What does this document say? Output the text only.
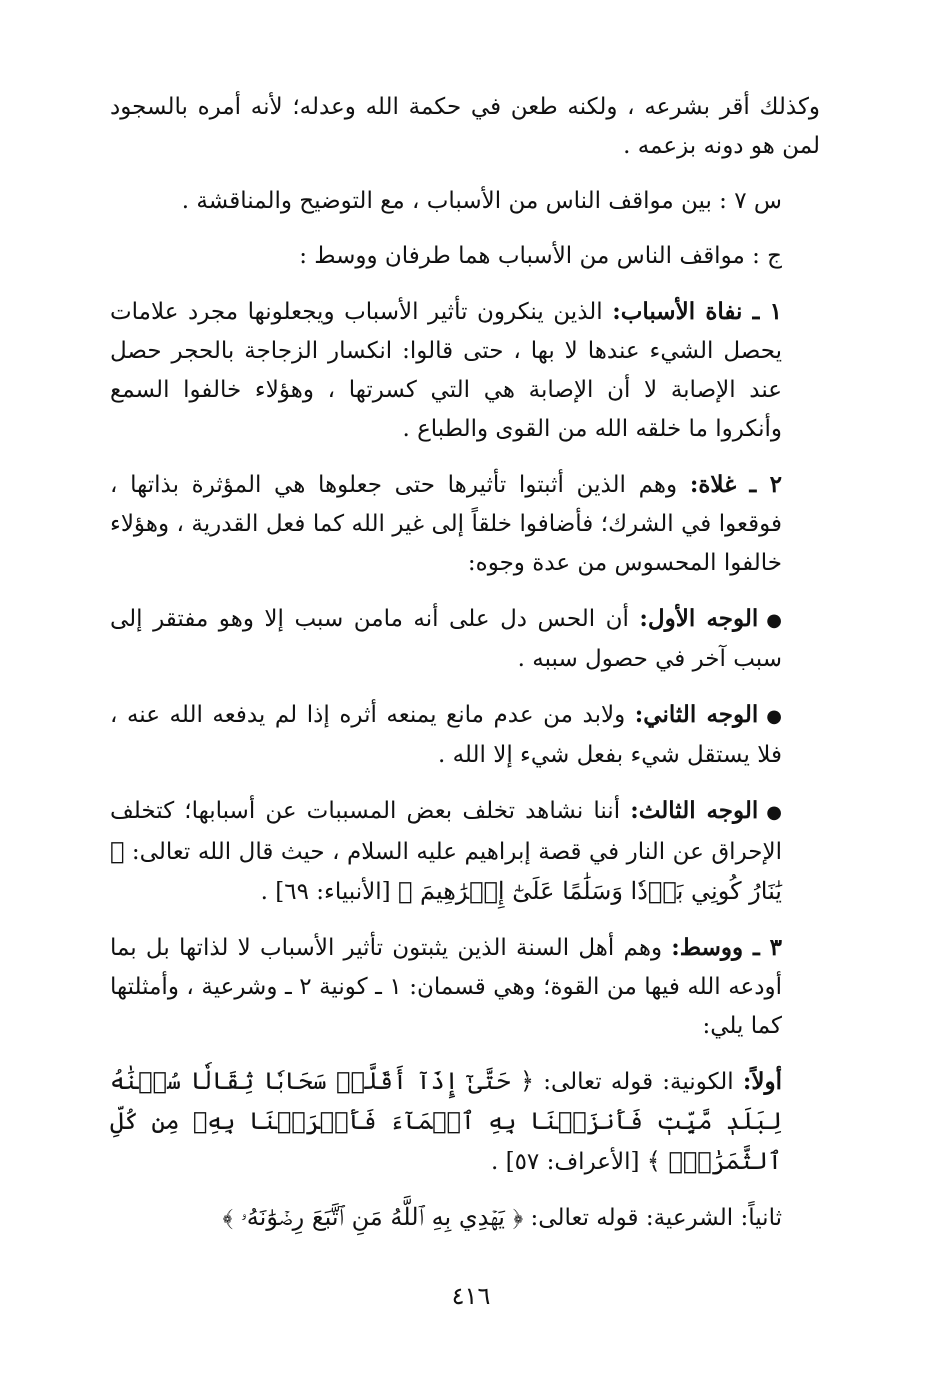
وكذلك أقر بشرعه ، ولكنه طعن في حكمة الله وعدله؛ لأنه أمره بالسجود لمن هو دونه بزعمه .

س ٧ : بين مواقف الناس من الأسباب ، مع التوضيح والمناقشة .

ج : مواقف الناس من الأسباب هما طرفان ووسط :

١ ـ نفاة الأسباب: الذين ينكرون تأثير الأسباب ويجعلونها مجرد علامات يحصل الشيء عندها لا بها ، حتى قالوا: انكسار الزجاجة بالحجر حصل عند الإصابة لا أن الإصابة هي التي كسرتها ، وهؤلاء خالفوا السمع وأنكروا ما خلقه الله من القوى والطباع .

٢ ـ غلاة: وهم الذين أثبتوا تأثيرها حتى جعلوها هي المؤثرة بذاتها ، فوقعوا في الشرك؛ فأضافوا خلقاً إلى غير الله كما فعل القدرية ، وهؤلاء خالفوا المحسوس من عدة وجوه:

●الوجه الأول: أن الحس دل على أنه مامن سبب إلا وهو مفتقر إلى سبب آخر في حصول سببه .

●الوجه الثاني: ولابد من عدم مانع يمنعه أثره إذا لم يدفعه الله عنه ، فلا يستقل شيء بفعل شيء إلا الله .

●الوجه الثالث: أننا نشاهد تخلف بعض المسببات عن أسبابها؛ كتخلف الإحراق عن النار في قصة إبراهيم عليه السلام ، حيث قال الله تعالى: ﴿ يَٰنَارُ كُونِي بَرۡدٗا وَسَلَٰمًا عَلَىٰٓ إِبۡرَٰهِيمَ ﴾ [الأنبياء: ٦٩] .

٣ ـ ووسط: وهم أهل السنة الذين يثبتون تأثير الأسباب لا لذاتها بل بما أودعه الله فيها من القوة؛ وهي قسمان: ١ ـ كونية ٢ ـ وشرعية ، وأمثلتها كما يلي:

أولاً: الكونية: قوله تعالى: ﴿ حَتَّىٰٓ إِذَآ أَقَلَّتۡ سَحَابٗا ثِقَالٗا سُقۡنَٰهُ لِبَلَدٖ مَّيِّتٖ فَأَنزَلۡنَا بِهِ ٱلۡمَآءَ فَأَخۡرَجۡنَا بِهِۦ مِن كُلِّ ٱلثَّمَرَٰتِۚ ﴾ [الأعراف: ٥٧] .

ثانياً: الشرعية: قوله تعالى: ﴿ يَهۡدِي بِهِ ٱللَّهُ مَنِ ٱتَّبَعَ رِضۡوَٰنَهُۥ ﴾

٤١٦
